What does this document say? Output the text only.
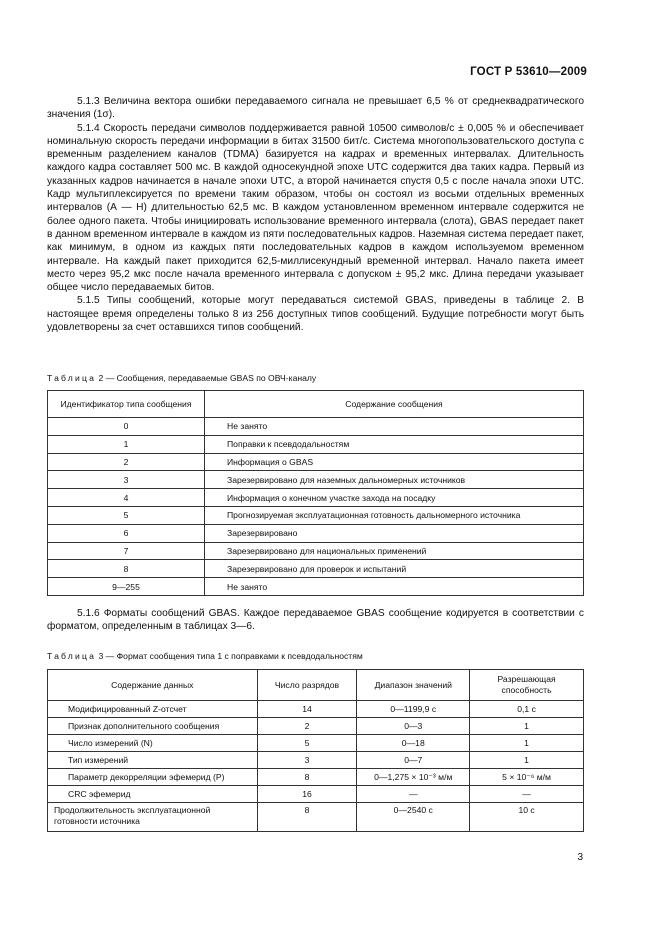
ГОСТ Р 53610—2009

5.1.3 Величина вектора ошибки передаваемого сигнала не превышает 6,5 % от среднеквадратического значения (1σ).

5.1.4 Скорость передачи символов поддерживается равной 10500 символов/с ± 0,005 % и обеспечивает номинальную скорость передачи информации в битах 31500 бит/с. Система многопользовательского доступа с временным разделением каналов (TDMA) базируется на кадрах и временных интервалах. Длительность каждого кадра составляет 500 мс. В каждой односекундной эпохе UTC содержится два таких кадра. Первый из указанных кадров начинается в начале эпохи UTC, а второй начинается спустя 0,5 с после начала эпохи UTC. Кадр мультиплексируется по времени таким образом, чтобы он состоял из восьми отдельных временных интервалов (А — Н) длительностью 62,5 мс. В каждом установленном временном интервале содержится не более одного пакета. Чтобы инициировать использование временного интервала (слота), GBAS передает пакет в данном временном интервале в каждом из пяти последовательных кадров. Наземная система передает пакет, как минимум, в одном из каждых пяти последовательных кадров в каждом используемом временном интервале. На каждый пакет приходится 62,5-миллисекундный временной интервал. Начало пакета имеет место через 95,2 мкс после начала временного интервала с допуском ± 95,2 мкс. Длина передачи указывает общее число передаваемых битов.

5.1.5 Типы сообщений, которые могут передаваться системой GBAS, приведены в таблице 2. В настоящее время определены только 8 из 256 доступных типов сообщений. Будущие потребности могут быть удовлетворены за счет оставшихся типов сообщений.

Таблица 2 — Сообщения, передаваемые GBAS по ОВЧ-каналу
Идентификатор типа сообщения	Содержание сообщения
0	Не занято
1	Поправки к псевдодальностям
2	Информация о GBAS
3	Зарезервировано для наземных дальномерных источников
4	Информация о конечном участке захода на посадку
5	Прогнозируемая эксплуатационная готовность дальномерного источника
6	Зарезервировано
7	Зарезервировано для национальных применений
8	Зарезервировано для проверок и испытаний
9—255	Не занято

5.1.6 Форматы сообщений GBAS. Каждое передаваемое GBAS сообщение кодируется в соответствии с форматом, определенным в таблицах 3—6.

Таблица 3 — Формат сообщения типа 1 с поправками к псевдодальностям
Содержание данных	Число разрядов	Диапазон значений	Разрешающая способность
Модифицированный Z-отсчет	14	0—1199,9 с	0,1 с
Признак дополнительного сообщения	2	0—3	1
Число измерений (N)	5	0—18	1
Тип измерений	3	0—7	1
Параметр декорреляции эфемерид (Р)	8	0—1,275 × 10⁻³ м/м	5 × 10⁻⁶ м/м
CRC эфемерид	16	—	—
Продолжительность эксплуатационной готовности источника	8	0—2540 с	10 с
3
